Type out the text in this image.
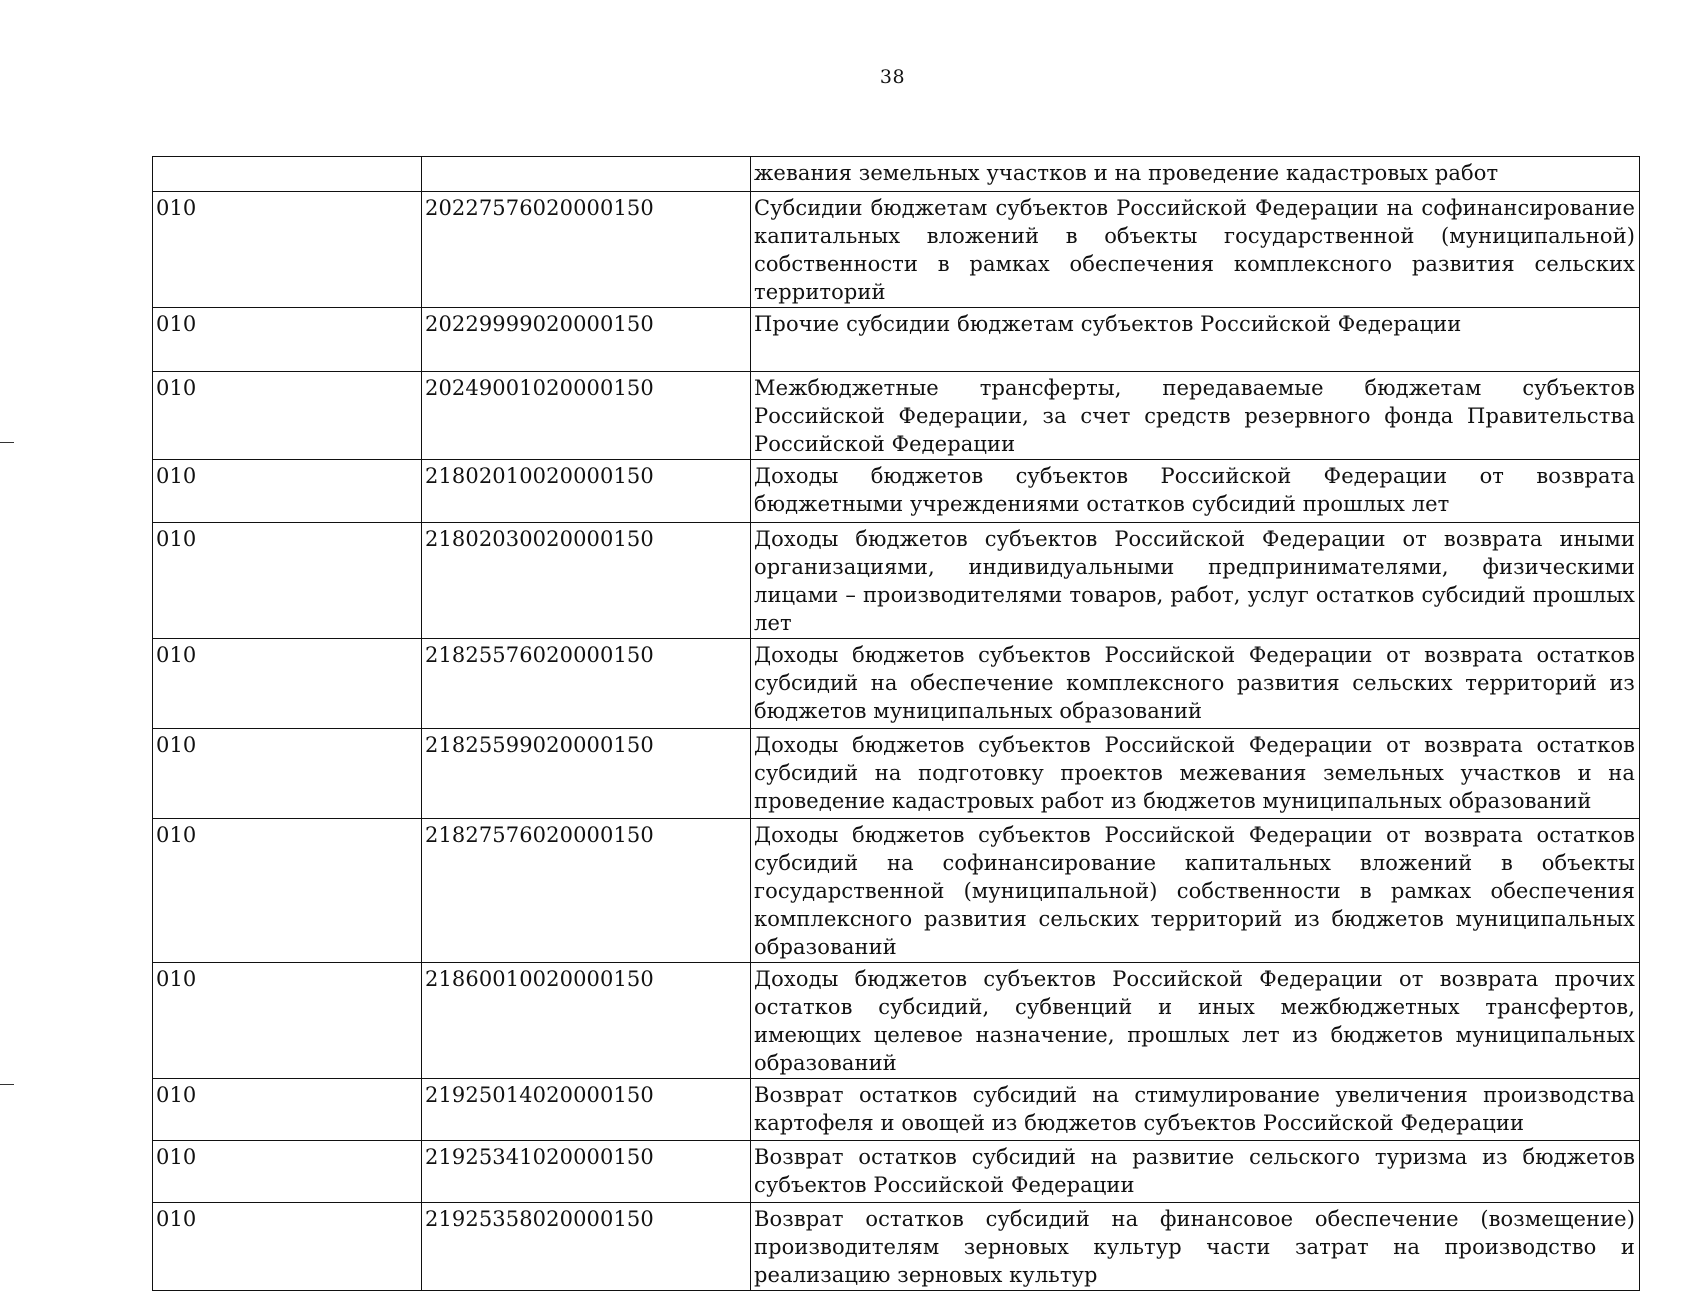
38
		жевания земельных участков и на проведение кадастровых работ
010	20227576020000150	Субсидии бюджетам субъектов Российской Федерации на софинансирование капитальных вложений в объекты государственной (муниципальной) собственности в рамках обеспечения комплексного развития сельских территорий
010	20229999020000150	Прочие субсидии бюджетам субъектов Российской Федерации
010	20249001020000150	Межбюджетные трансферты, передаваемые бюджетам субъектов Российской Федерации, за счет средств резервного фонда Правительства Российской Федерации
010	21802010020000150	Доходы бюджетов субъектов Российской Федерации от возврата бюджетными учреждениями остатков субсидий прошлых лет
010	21802030020000150	Доходы бюджетов субъектов Российской Федерации от возврата иными организациями, индивидуальными предпринимателями, физическими лицами – производителями товаров, работ, услуг остатков субсидий прошлых лет
010	21825576020000150	Доходы бюджетов субъектов Российской Федерации от возврата остатков субсидий на обеспечение комплексного развития сельских территорий из бюджетов муниципальных образований
010	21825599020000150	Доходы бюджетов субъектов Российской Федерации от возврата остатков субсидий на подготовку проектов межевания земельных участков и на проведение кадастровых работ из бюджетов муниципальных образований
010	21827576020000150	Доходы бюджетов субъектов Российской Федерации от возврата остатков субсидий на софинансирование капитальных вложений в объекты государственной (муниципальной) собственности в рамках обеспечения комплексного развития сельских территорий из бюджетов муниципальных образований
010	21860010020000150	Доходы бюджетов субъектов Российской Федерации от возврата прочих остатков субсидий, субвенций и иных межбюджетных трансфертов, имеющих целевое назначение, прошлых лет из бюджетов муниципальных образований
010	21925014020000150	Возврат остатков субсидий на стимулирование увеличения производства картофеля и овощей из бюджетов субъектов Российской Федерации
010	21925341020000150	Возврат остатков субсидий на развитие сельского туризма из бюджетов субъектов Российской Федерации
010	21925358020000150	Возврат остатков субсидий на финансовое обеспечение (возмещение) производителям зерновых культур части затрат на производство и реализацию зерновых культур
